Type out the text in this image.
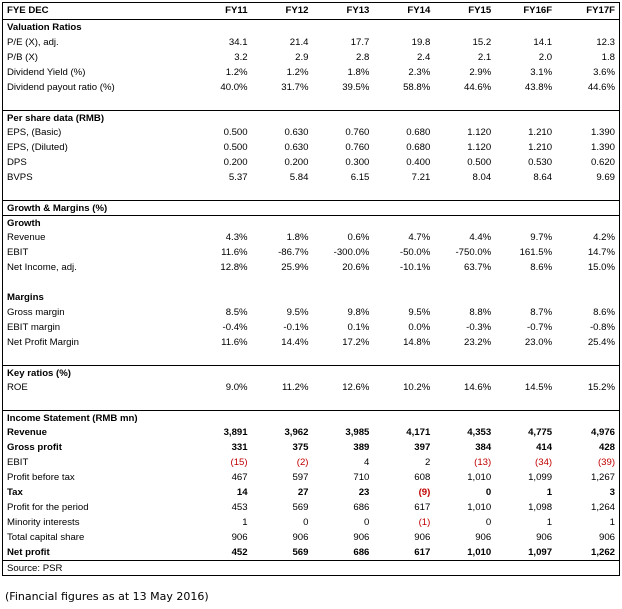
FYE DEC	FY11	FY12	FY13	FY14	FY15	FY16F	FY17F
Valuation Ratios
P/E (X), adj.	34.1	21.4	17.7	19.8	15.2	14.1	12.3
P/B (X)	3.2	2.9	2.8	2.4	2.1	2.0	1.8
Dividend Yield (%)	1.2%	1.2%	1.8%	2.3%	2.9%	3.1%	3.6%
Dividend payout ratio (%)	40.0%	31.7%	39.5%	58.8%	44.6%	43.8%	44.6%
Per share data (RMB)
EPS, (Basic)	0.500	0.630	0.760	0.680	1.120	1.210	1.390
EPS, (Diluted)	0.500	0.630	0.760	0.680	1.120	1.210	1.390
DPS	0.200	0.200	0.300	0.400	0.500	0.530	0.620
BVPS	5.37	5.84	6.15	7.21	8.04	8.64	9.69
Growth & Margins (%)
Growth
Revenue	4.3%	1.8%	0.6%	4.7%	4.4%	9.7%	4.2%
EBIT	11.6%	-86.7%	-300.0%	-50.0%	-750.0%	161.5%	14.7%
Net Income, adj.	12.8%	25.9%	20.6%	-10.1%	63.7%	8.6%	15.0%
Margins
Gross margin	8.5%	9.5%	9.8%	9.5%	8.8%	8.7%	8.6%
EBIT margin	-0.4%	-0.1%	0.1%	0.0%	-0.3%	-0.7%	-0.8%
Net Profit Margin	11.6%	14.4%	17.2%	14.8%	23.2%	23.0%	25.4%
Key ratios (%)
ROE	9.0%	11.2%	12.6%	10.2%	14.6%	14.5%	15.2%
Income Statement (RMB mn)
Revenue	3,891	3,962	3,985	4,171	4,353	4,775	4,976
Gross profit	331	375	389	397	384	414	428
EBIT	(15)	(2)	4	2	(13)	(34)	(39)
Profit before tax	467	597	710	608	1,010	1,099	1,267
Tax	14	27	23	(9)	0	1	3
Profit for the period	453	569	686	617	1,010	1,098	1,264
Minority interests	1	0	0	(1)	0	1	1
Total capital share	906	906	906	906	906	906	906
Net profit	452	569	686	617	1,010	1,097	1,262
Source: PSR
(Financial figures as at 13 May 2016)
